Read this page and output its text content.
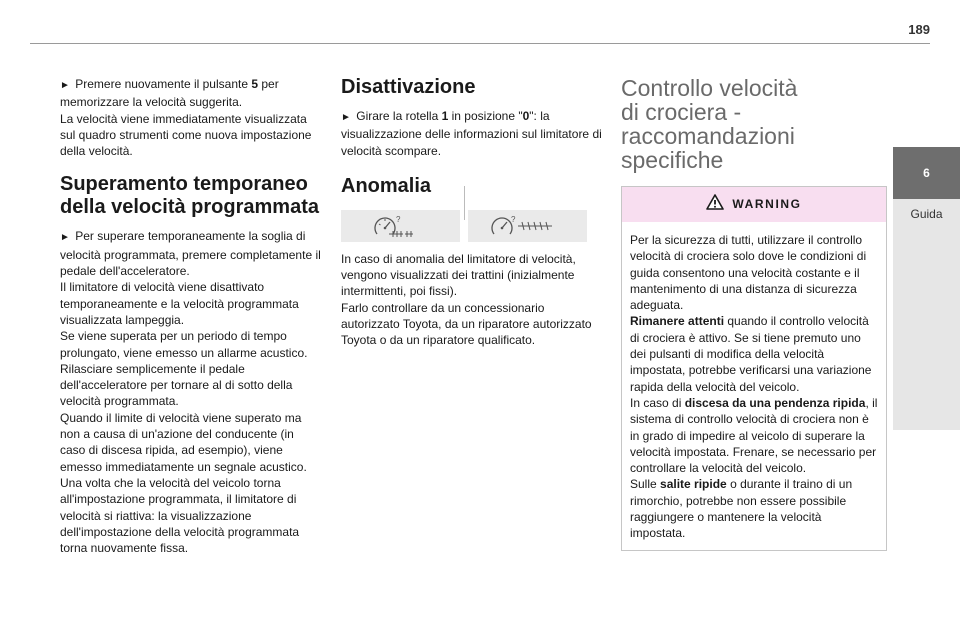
189
6
Guida

► Premere nuovamente il pulsante 5 per memorizzare la velocità suggerita.

La velocità viene immediatamente visualizzata sul quadro strumenti come nuova impostazione della velocità.

Superamento temporaneo della velocità programmata

► Per superare temporaneamente la soglia di velocità programmata, premere completamente il pedale dell'acceleratore.

Il limitatore di velocità viene disattivato temporaneamente e la velocità programmata visualizzata lampeggia.

Se viene superata per un periodo di tempo prolungato, viene emesso un allarme acustico.

Rilasciare semplicemente il pedale dell'acceleratore per tornare al di sotto della velocità programmata.

Quando il limite di velocità viene superato ma non a causa di un'azione del conducente (in caso di discesa ripida, ad esempio), viene emesso immediatamente un segnale acustico.

Una volta che la velocità del veicolo torna all'impostazione programmata, il limitatore di velocità si riattiva: la visualizzazione dell'impostazione della velocità programmata torna nuovamente fissa.

Disattivazione

► Girare la rotella 1 in posizione "0": la visualizzazione delle informazioni sul limitatore di velocità scompare.

Anomalia
?	?

In caso di anomalia del limitatore di velocità, vengono visualizzati dei trattini (inizialmente intermittenti, poi fissi).

Farlo controllare da un concessionario autorizzato Toyota, da un riparatore autorizzato Toyota o da un riparatore qualificato.

Controllo velocità di crociera - raccomandazioni specifiche
WARNING

Per la sicurezza di tutti, utilizzare il controllo velocità di crociera solo dove le condizioni di guida consentono una velocità costante e il mantenimento di una distanza di sicurezza adeguata.

Rimanere attenti quando il controllo velocità di crociera è attivo. Se si tiene premuto uno dei pulsanti di modifica della velocità impostata, potrebbe verificarsi una variazione rapida della velocità del veicolo.

In caso di discesa da una pendenza ripida, il sistema di controllo velocità di crociera non è in grado di impedire al veicolo di superare la velocità impostata. Frenare, se necessario per controllare la velocità del veicolo.

Sulle salite ripide o durante il traino di un rimorchio, potrebbe non essere possibile raggiungere o mantenere la velocità impostata.
